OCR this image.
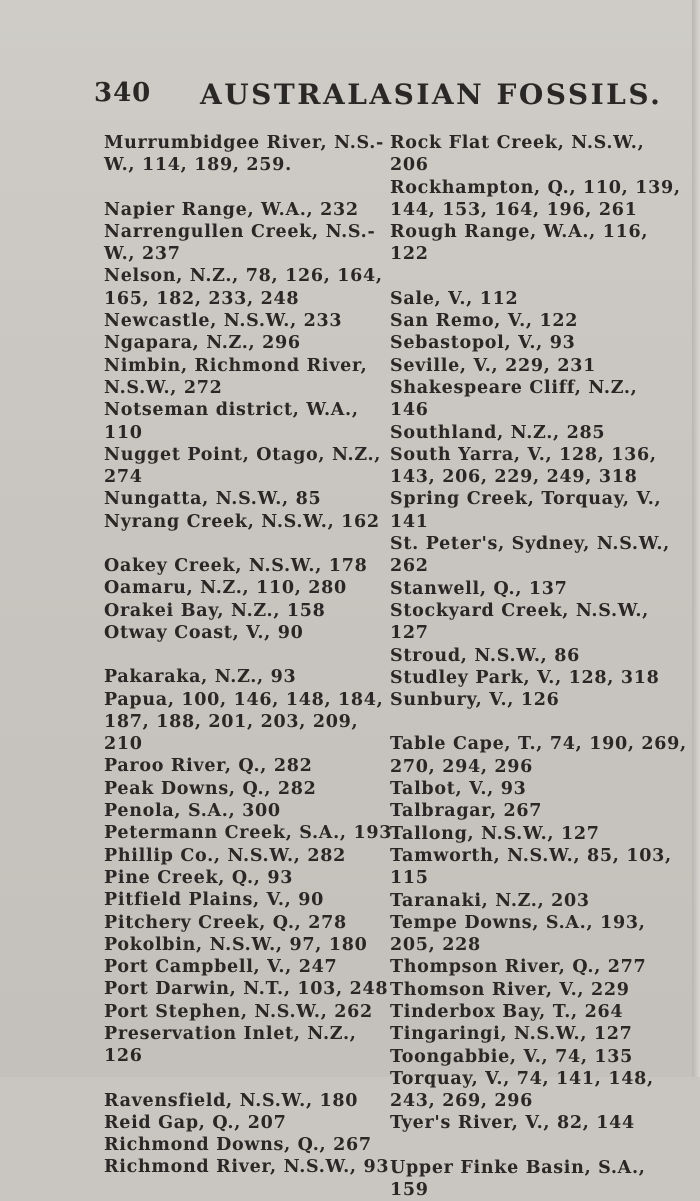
340 AUSTRALASIAN FOSSILS.
Murrumbidgee River, N.S.-
W., 114, 189, 259.
Napier Range, W.A., 232
Narrengullen Creek, N.S.-
W., 237
Nelson, N.Z., 78, 126, 164,
165, 182, 233, 248
Newcastle, N.S.W., 233
Ngapara, N.Z., 296
Nimbin, Richmond River,
N.S.W., 272
Notseman district, W.A.,
110
Nugget Point, Otago, N.Z.,
274
Nungatta, N.S.W., 85
Nyrang Creek, N.S.W., 162
Oakey Creek, N.S.W., 178
Oamaru, N.Z., 110, 280
Orakei Bay, N.Z., 158
Otway Coast, V., 90
Pakaraka, N.Z., 93
Papua, 100, 146, 148, 184,
187, 188, 201, 203, 209,
210
Paroo River, Q., 282
Peak Downs, Q., 282
Penola, S.A., 300
Petermann Creek, S.A., 193
Phillip Co., N.S.W., 282
Pine Creek, Q., 93
Pitfield Plains, V., 90
Pitchery Creek, Q., 278
Pokolbin, N.S.W., 97, 180
Port Campbell, V., 247
Port Darwin, N.T., 103, 248
Port Stephen, N.S.W., 262
Preservation Inlet, N.Z.,
126
Ravensfield, N.S.W., 180
Reid Gap, Q., 207
Richmond Downs, Q., 267
Richmond River, N.S.W., 93
Rock Flat Creek, N.S.W.,
206
Rockhampton, Q., 110, 139,
144, 153, 164, 196, 261
Rough Range, W.A., 116,
122
Sale, V., 112
San Remo, V., 122
Sebastopol, V., 93
Seville, V., 229, 231
Shakespeare Cliff, N.Z.,
146
Southland, N.Z., 285
South Yarra, V., 128, 136,
143, 206, 229, 249, 318
Spring Creek, Torquay, V.,
141
St. Peter's, Sydney, N.S.W.,
262
Stanwell, Q., 137
Stockyard Creek, N.S.W.,
127
Stroud, N.S.W., 86
Studley Park, V., 128, 318
Sunbury, V., 126
Table Cape, T., 74, 190, 269,
270, 294, 296
Talbot, V., 93
Talbragar, 267
Tallong, N.S.W., 127
Tamworth, N.S.W., 85, 103,
115
Taranaki, N.Z., 203
Tempe Downs, S.A., 193,
205, 228
Thompson River, Q., 277
Thomson River, V., 229
Tinderbox Bay, T., 264
Tingaringi, N.S.W., 127
Toongabbie, V., 74, 135
Torquay, V., 74, 141, 148,
243, 269, 296
Tyer's River, V., 82, 144
Upper Finke Basin, S.A.,
159
